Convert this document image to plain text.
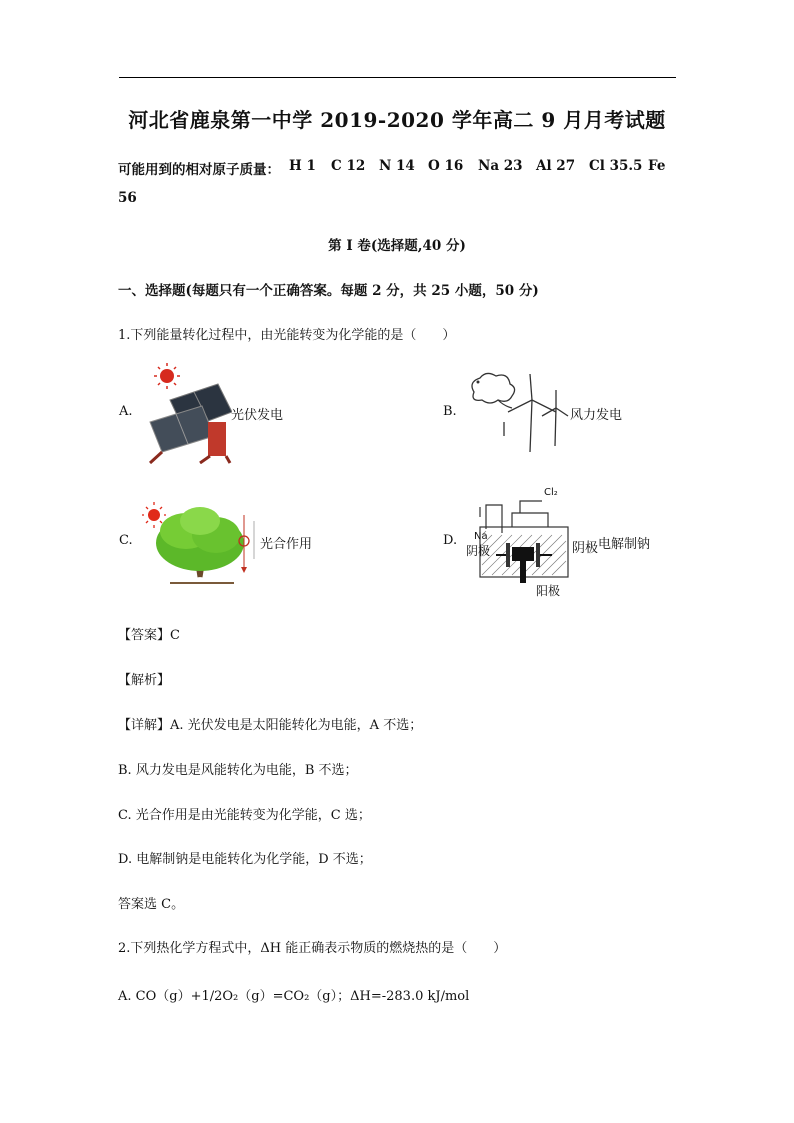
河北省鹿泉第一中学 2019-2020 学年高二 9 月月考试题
可能用到的相对原子质量： H 1 C 12 N 14 O 16 Na 23 Al 27 Cl 35.5 Fe
56
第 I 卷(选择题,40 分)
一、选择题(每题只有一个正确答案。每题 2 分，共 25 小题，50 分)
1.下列能量转化过程中，由光能转变为化学能的是（　　）
A.	光伏发电	B.	风力发电
C.	光合作用	D.
Cl₂
Na
阴极
阳极
阴极 电解制钠
【答案】C
【解析】
【详解】A. 光伏发电是太阳能转化为电能，A 不选；
B. 风力发电是风能转化为电能，B 不选；
C. 光合作用是由光能转变为化学能，C 选；
D. 电解制钠是电能转化为化学能，D 不选；
答案选 C。
2.下列热化学方程式中，ΔH 能正确表示物质的燃烧热的是（　　）
A. CO（g）+1/2O₂（g）=CO₂（g）；ΔH=-283.0 kJ/mol
